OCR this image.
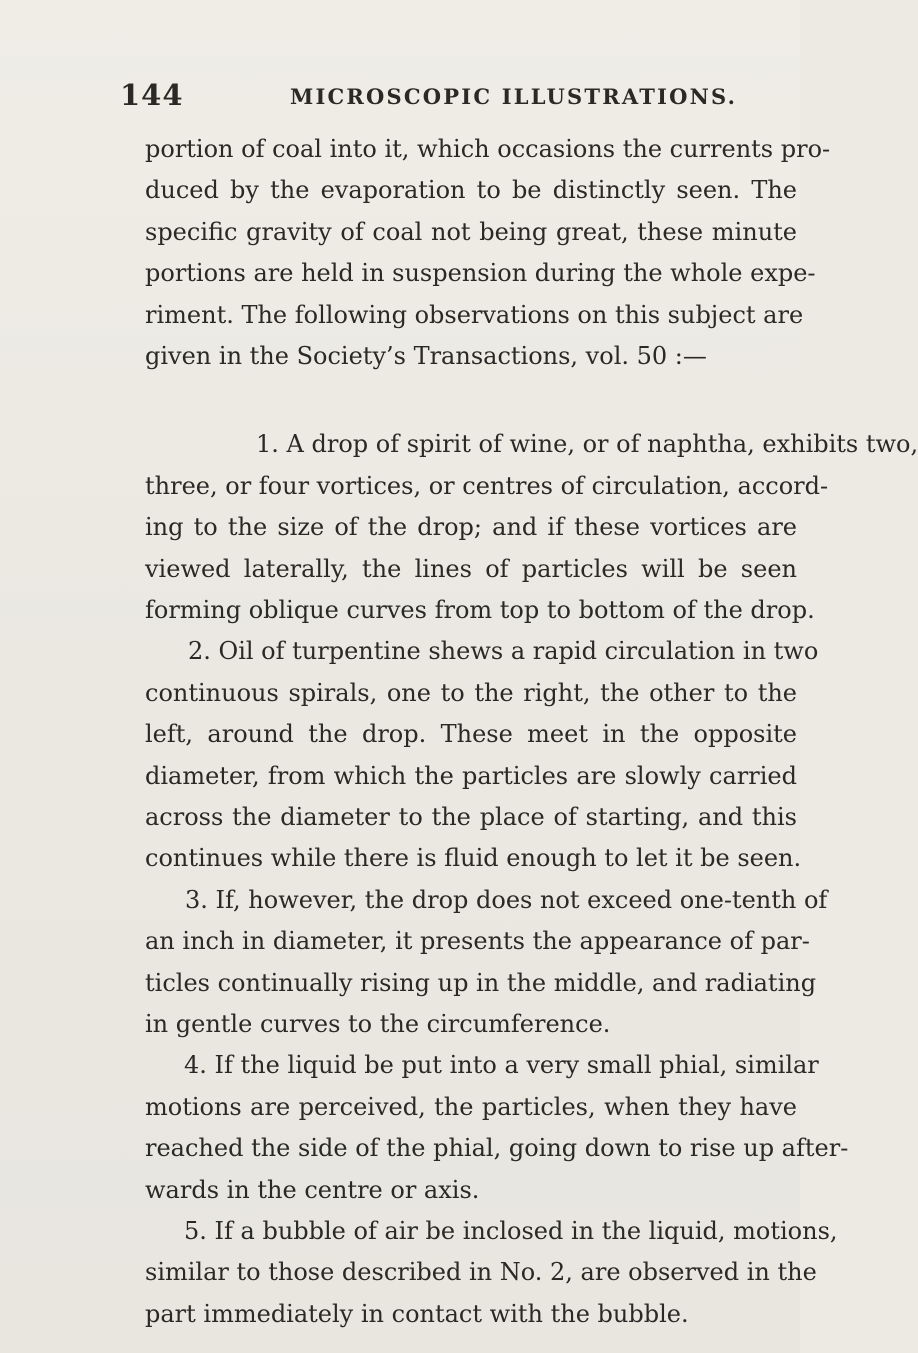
144	MICROSCOPIC ILLUSTRATIONS.
portion of coal into it, which occasions the currents pro-
duced by the evaporation to be distinctly seen. The
specific gravity of coal not being great, these minute
portions are held in suspension during the whole expe-
riment. The following observations on this subject are
given in the Society’s Transactions, vol. 50 :—
1. A drop of spirit of wine, or of naphtha, exhibits two,
three, or four vortices, or centres of circulation, accord-
ing to the size of the drop; and if these vortices are
viewed laterally, the lines of particles will be seen
forming oblique curves from top to bottom of the drop.
2. Oil of turpentine shews a rapid circulation in two
continuous spirals, one to the right, the other to the
left, around the drop. These meet in the opposite
diameter, from which the particles are slowly carried
across the diameter to the place of starting, and this
continues while there is fluid enough to let it be seen.
3. If, however, the drop does not exceed one-tenth of
an inch in diameter, it presents the appearance of par-
ticles continually rising up in the middle, and radiating
in gentle curves to the circumference.
4. If the liquid be put into a very small phial, similar
motions are perceived, the particles, when they have
reached the side of the phial, going down to rise up after-
wards in the centre or axis.
5. If a bubble of air be inclosed in the liquid, motions,
similar to those described in No. 2, are observed in the
part immediately in contact with the bubble.
